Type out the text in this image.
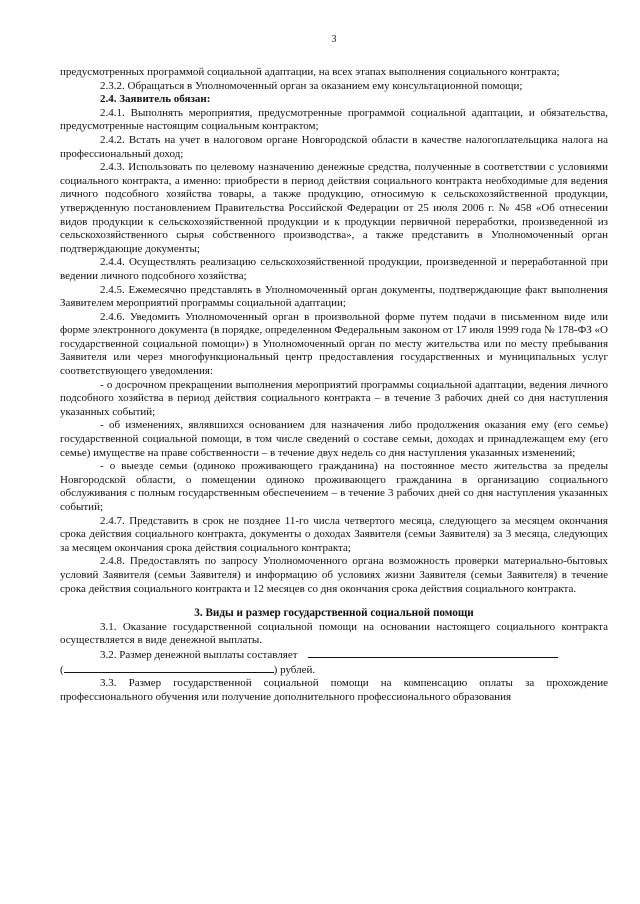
3

предусмотренных программой социальной адаптации, на всех этапах выполнения социального контракта;

2.3.2. Обращаться в Уполномоченный орган за оказанием ему консультационной помощи;

2.4. Заявитель обязан:

2.4.1. Выполнять мероприятия, предусмотренные программой социальной адаптации, и обязательства, предусмотренные настоящим социальным контрактом;

2.4.2. Встать на учет в налоговом органе Новгородской области в качестве налогоплательщика налога на профессиональный доход;

2.4.3. Использовать по целевому назначению денежные средства, полученные в соответствии с условиями социального контракта, а именно: приобрести в период действия социального контракта необходимые для ведения личного подсобного хозяйства товары, а также продукцию, относимую к сельскохозяйственной продукции, утвержденную постановлением Правительства Российской Федерации от 25 июля 2006 г. № 458 «Об отнесении видов продукции к сельскохозяйственной продукции и к продукции первичной переработки, произведенной из сельскохозяйственного сырья собственного производства», а также представить в Уполномоченный орган подтверждающие документы;

2.4.4. Осуществлять реализацию сельскохозяйственной продукции, произведенной и переработанной при ведении личного подсобного хозяйства;

2.4.5. Ежемесячно представлять в Уполномоченный орган документы, подтверждающие факт выполнения Заявителем мероприятий программы социальной адаптации;

2.4.6. Уведомить Уполномоченный орган в произвольной форме путем подачи в письменном виде или форме электронного документа (в порядке, определенном Федеральным законом от 17 июля 1999 года № 178-ФЗ «О государственной социальной помощи») в Уполномоченный орган по месту жительства или по месту пребывания Заявителя или через многофункциональный центр предоставления государственных и муниципальных услуг соответствующего уведомления:

- о досрочном прекращении выполнения мероприятий программы социальной адаптации, ведения личного подсобного хозяйства в период действия социального контракта – в течение 3 рабочих дней со дня наступления указанных событий;

- об изменениях, являвшихся основанием для назначения либо продолжения оказания ему (его семье) государственной социальной помощи, в том числе сведений о составе семьи, доходах и принадлежащем ему (его семье) имуществе на праве собственности – в течение двух недель со дня наступления указанных изменений;

- о выезде семьи (одиноко проживающего гражданина) на постоянное место жительства за пределы Новгородской области, о помещении одиноко проживающего гражданина в организацию социального обслуживания с полным государственным обеспечением – в течение 3 рабочих дней со дня наступления указанных событий;

2.4.7. Представить в срок не позднее 11-го числа четвертого месяца, следующего за месяцем окончания срока действия социального контракта, документы о доходах Заявителя (семьи Заявителя) за 3 месяца, следующих за месяцем окончания срока действия социального контракта;

2.4.8. Предоставлять по запросу Уполномоченного органа возможность проверки материально-бытовых условий Заявителя (семьи Заявителя) и информацию об условиях жизни Заявителя (семьи Заявителя) в течение срока действия социального контракта и 12 месяцев со дня окончания срока действия социального контракта.

3. Виды и размер государственной социальной помощи

3.1. Оказание государственной социальной помощи на основании настоящего социального контракта осуществляется в виде денежной выплаты.

3.2. Размер денежной выплаты составляет

(	) рублей.

3.3. Размер государственной социальной помощи на компенсацию оплаты за прохождение профессионального обучения или получение дополнительного профессионального образования
